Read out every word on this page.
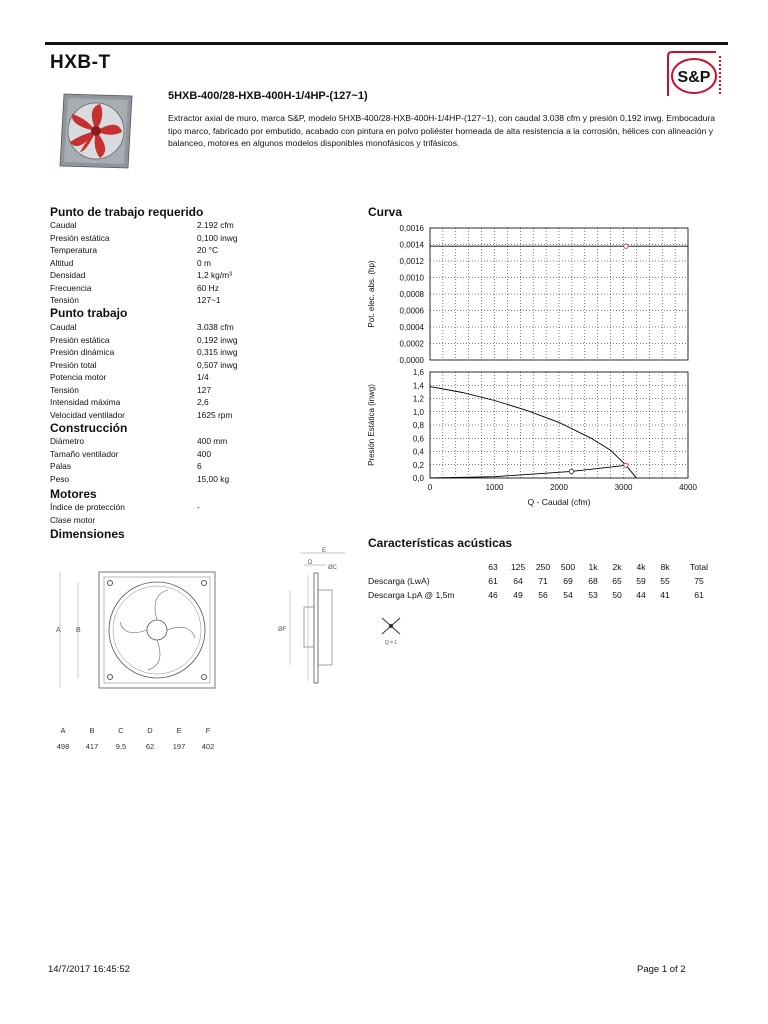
HXB-T
S&P
5HXB-400/28-HXB-400H-1/4HP-(127~1)
Extractor axial de muro, marca S&P, modelo 5HXB-400/28-HXB-400H-1/4HP-(127~1), con caudal 3.038 cfm y presión 0,192 inwg. Embocadura tipo marco, fabricado por embutido, acabado con pintura en polvo poliéster horneada de alta resistencia a la corrosión, hélices con alineación y balanceo, motores en algunos modelos disponibles monofásicos y trifásicos.
Punto de trabajo requerido
Caudal	2.192 cfm
Presión estática	0,100 inwg
Temperatura	20 °C
Altitud	0 m
Densidad	1,2 kg/m³
Frecuencia	60 Hz
Tensión	127~1
Punto trabajo
Caudal	3.038 cfm
Presión estática	0,192 inwg
Presión dinámica	0,315 inwg
Presión total	0,507 inwg
Potencia motor	1/4
Tensión	127
Intensidad máxima	2,6
Velocidad ventilador	1625 rpm
Construcción
Diámetro	400 mm
Tamaño ventilador	400
Palas	6
Peso	15,00 kg
Motores
Índice de protección	-
Clase motor
Dimensiones
A B
E
D
ØF
ØC
A	B	C	D	E	F
498	417	9,5	62	197	402
Curva
0,0000
0,0002
0,0004
0,0006
0,0008
0,0010
0,0012
0,0014
0,0016
Pot. elec. abs. (hp)
0,0
0,2
0,4
0,6
0,8
1,0
1,2
1,4
1,6
Presión Estática (inwg)
0	1000	2000	3000	4000
Q - Caudal (cfm)
Características acústicas
63	125	250	500	1k	2k	4k	8k	Total
Descarga (LwA)	61	64	71	69	68	65	59	55	75
Descarga LpA @ 1,5m	46	49	56	54	53	50	44	41	61
Q = 1
14/7/2017 16:45:52	Page 1 of 2
